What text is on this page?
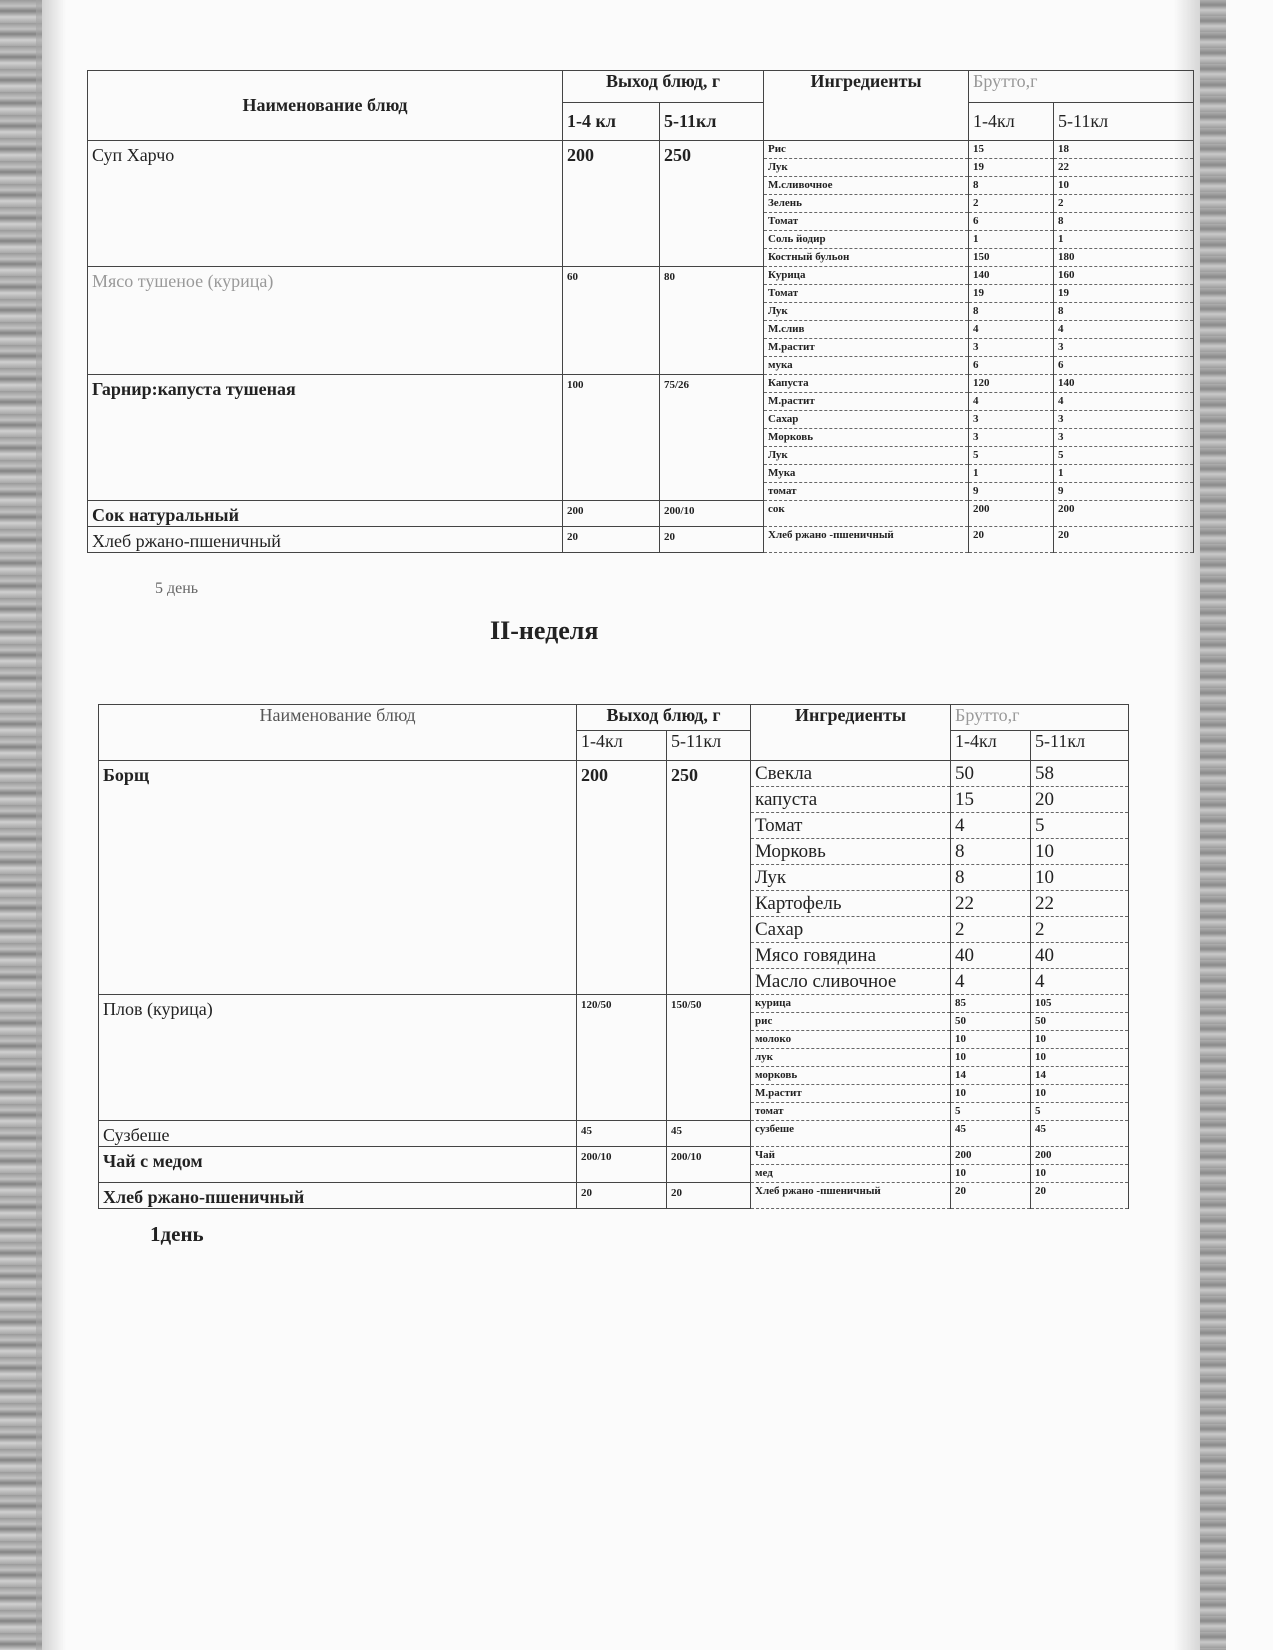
Наименование блюд	Выход блюд, г		Ингредиенты	Брутто,г	
	1-4 кл	5-11кл		1-4кл	5-11кл
Суп Харчо	200	250	Рис	15	18
			Лук	19	22
			М.сливочное	8	10
			Зелень	2	2
			Томат	6	8
			Соль йодир	1	1
			Костный бульон	150	180
Мясо тушеное (курица)	60	80	Курица	140	160
			Томат	19	19
			Лук	8	8
			М.слив	4	4
			М.растит	3	3
			мука	6	6
Гарнир:капуста тушеная	100	75/26	Капуста	120	140
			М.растит	4	4
			Сахар	3	3
			Морковь	3	3
			Лук	5	5
			Мука	1	1
			томат	9	9
Сок натуральный	200	200/10	сок	200	200
Хлеб ржано-пшеничный	20	20	Хлеб ржано -пшеничный	20	20
5 день
II-неделя
Наименование блюд	Выход блюд, г		Ингредиенты	Брутто,г	
	1-4кл	5-11кл		1-4кл	5-11кл
Борщ	200	250	Свекла	50	58
			капуста	15	20
			Томат	4	5
			Морковь	8	10
			Лук	8	10
			Картофель	22	22
			Сахар	2	2
			Мясо говядина	40	40
			Масло сливочное	4	4
Плов (курица)	120/50	150/50	курица	85	105
			рис	50	50
			молоко	10	10
			лук	10	10
			морковь	14	14
			М.растит	10	10
			томат	5	5
Сузбеше	45	45	сузбеше	45	45
Чай с медом	200/10	200/10	Чай	200	200
			мед	10	10
Хлеб ржано-пшеничный	20	20	Хлеб ржано -пшеничный	20	20
1день
